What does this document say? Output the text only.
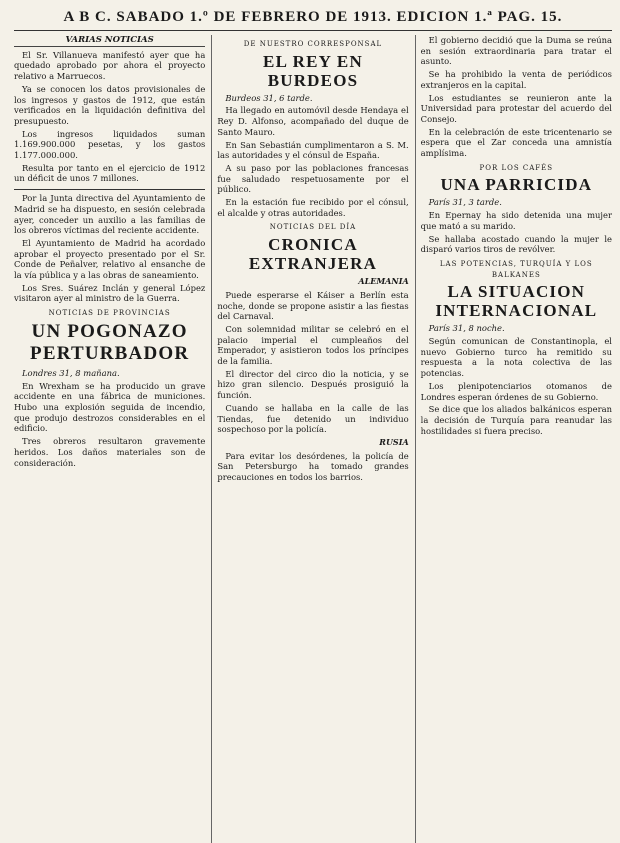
A B C. SABADO 1.º DE FEBRERO DE 1913. EDICION 1.ª PAG. 15.
VARIAS NOTICIAS

El Sr. Villanueva manifestó ayer que ha quedado aprobado por ahora el proyecto relativo a Marruecos.

Ya se conocen los datos provisionales de los ingresos y gastos de 1912, que están verificados en la liquidación definitiva del presupuesto.

Los ingresos liquidados suman 1.169.900.000 pesetas, y los gastos 1.177.000.000.

Resulta por tanto en el ejercicio de 1912 un déficit de unos 7 millones.

Por la Junta directiva del Ayuntamiento de Madrid se ha dispuesto, en sesión celebrada ayer, conceder un auxilio a las familias de los obreros víctimas del reciente accidente.

El Ayuntamiento de Madrid ha acordado aprobar el proyecto presentado por el Sr. Conde de Peñalver, relativo al ensanche de la vía pública y a las obras de saneamiento.

Los Sres. Suárez Inclán y general López visitaron ayer al ministro de la Guerra.

NOTICIAS DE PROVINCIAS
UN POGONAZO PERTURBADOR

Londres 31, 8 mañana.

En Wrexham se ha producido un grave accidente en una fábrica de municiones. Hubo una explosión seguida de incendio, que produjo destrozos considerables en el edificio.

Tres obreros resultaron gravemente heridos. Los daños materiales son de consideración.

DE NUESTRO CORRESPONSAL
EL REY EN BURDEOS

Burdeos 31, 6 tarde.

Ha llegado en automóvil desde Hendaya el Rey D. Alfonso, acompañado del duque de Santo Mauro.

En San Sebastián cumplimentaron a S. M. las autoridades y el cónsul de España.

A su paso por las poblaciones francesas fue saludado respetuosamente por el público.

En la estación fue recibido por el cónsul, el alcalde y otras autoridades.

NOTICIAS DEL DÍA
CRONICA EXTRANJERA
ALEMANIA

Puede esperarse el Káiser a Berlín esta noche, donde se propone asistir a las fiestas del Carnaval.

Con solemnidad militar se celebró en el palacio imperial el cumpleaños del Emperador, y asistieron todos los príncipes de la familia.

El director del circo dio la noticia, y se hizo gran silencio. Después prosiguió la función.

Cuando se hallaba en la calle de las Tiendas, fue detenido un individuo sospechoso por la policía.

RUSIA

Para evitar los desórdenes, la policía de San Petersburgo ha tomado grandes precauciones en todos los barrios.

El gobierno decidió que la Duma se reúna en sesión extraordinaria para tratar el asunto.

Se ha prohibido la venta de periódicos extranjeros en la capital.

Los estudiantes se reunieron ante la Universidad para protestar del acuerdo del Consejo.

En la celebración de este tricentenario se espera que el Zar conceda una amnistía amplísima.

POR LOS CAFÉS
UNA PARRICIDA

París 31, 3 tarde.

En Epernay ha sido detenida una mujer que mató a su marido.

Se hallaba acostado cuando la mujer le disparó varios tiros de revólver.

LAS POTENCIAS, TURQUÍA Y LOS BALKANES
LA SITUACION INTERNACIONAL

París 31, 8 noche.

Según comunican de Constantinopla, el nuevo Gobierno turco ha remitido su respuesta a la nota colectiva de las potencias.

Los plenipotenciarios otomanos de Londres esperan órdenes de su Gobierno.

Se dice que los aliados balkánicos esperan la decisión de Turquía para reanudar las hostilidades si fuera preciso.
